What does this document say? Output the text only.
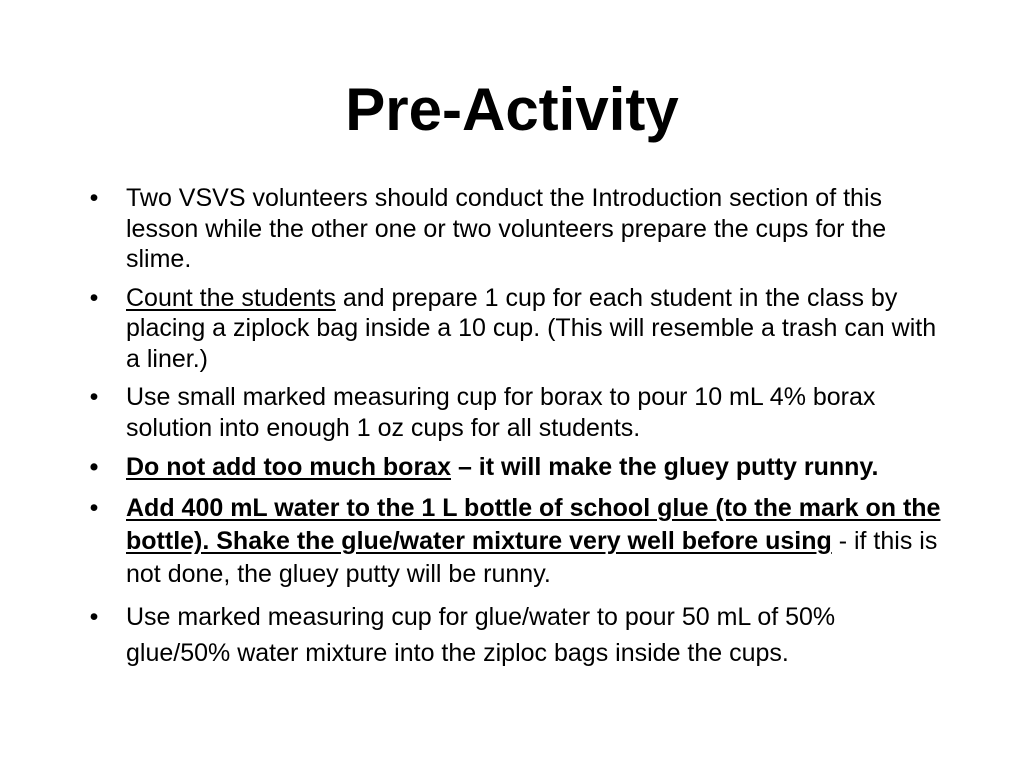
Pre-Activity
• Two VSVS volunteers should conduct the Introduction section of this lesson while the other one or two volunteers prepare the cups for the slime.
• Count the students and prepare 1 cup for each student in the class by placing a ziplock bag inside a 10 cup. (This will resemble a trash can with a liner.)
• Use small marked measuring cup for borax to pour 10 mL 4% borax solution into enough 1 oz cups for all students.
• Do not add too much borax – it will make the gluey putty runny.
• Add 400 mL water to the 1 L bottle of school glue (to the mark on the bottle). Shake the glue/water mixture very well before using - if this is not done, the gluey putty will be runny.
• Use marked measuring cup for glue/water to pour 50 mL of 50% glue/50% water mixture into the ziploc bags inside the cups.
